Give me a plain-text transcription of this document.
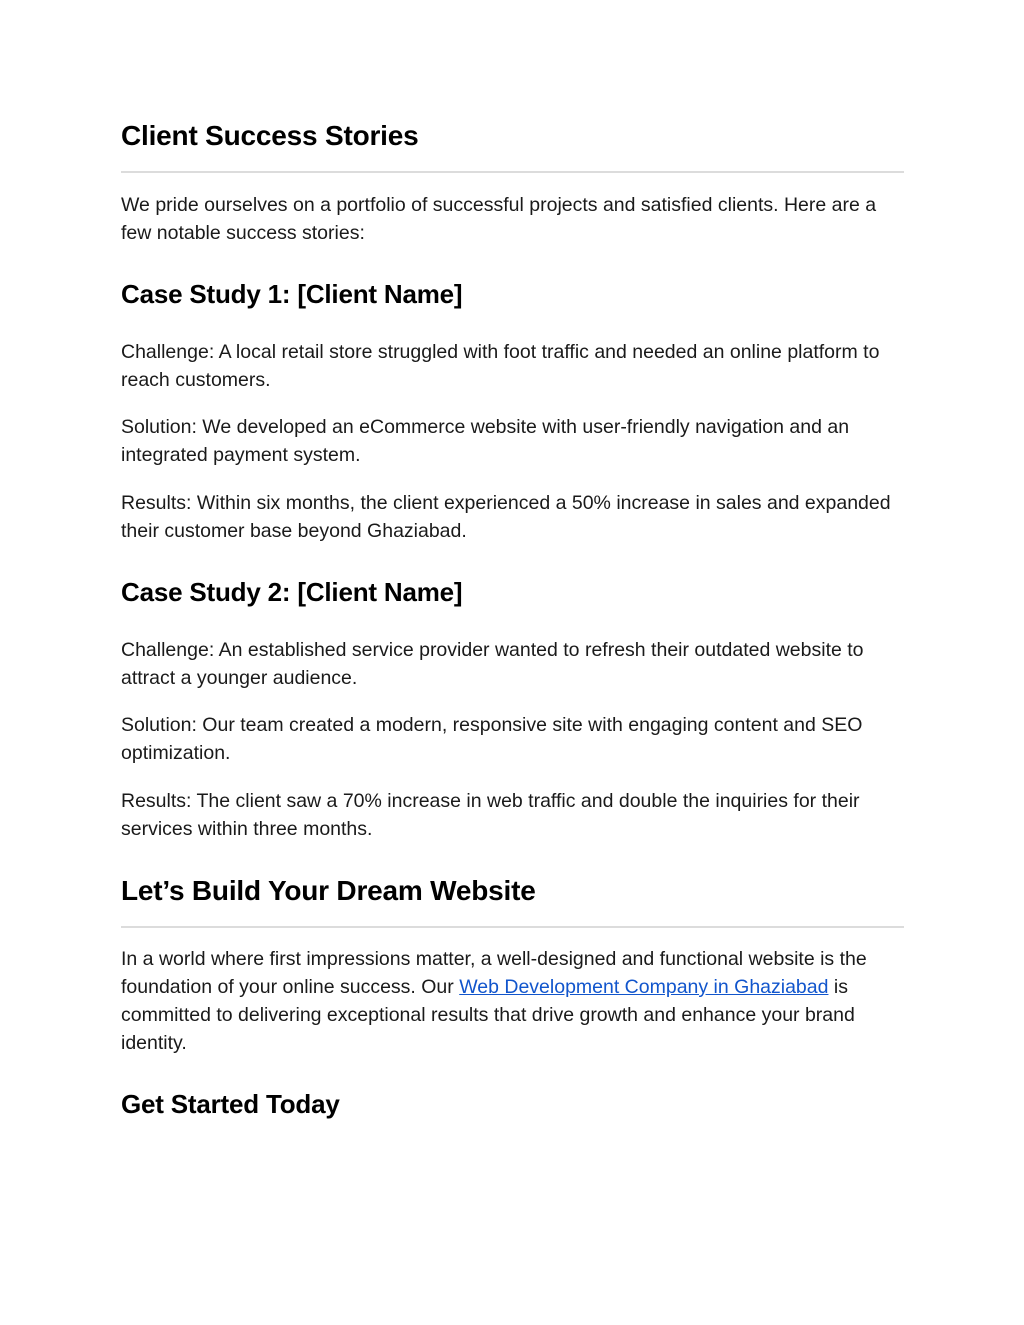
Client Success Stories

We pride ourselves on a portfolio of successful projects and satisfied clients. Here are a few notable success stories:

Case Study 1: [Client Name]

Challenge: A local retail store struggled with foot traffic and needed an online platform to reach customers.

Solution: We developed an eCommerce website with user-friendly navigation and an integrated payment system.

Results: Within six months, the client experienced a 50% increase in sales and expanded their customer base beyond Ghaziabad.

Case Study 2: [Client Name]

Challenge: An established service provider wanted to refresh their outdated website to attract a younger audience.

Solution: Our team created a modern, responsive site with engaging content and SEO optimization.

Results: The client saw a 70% increase in web traffic and double the inquiries for their services within three months.

Let’s Build Your Dream Website

In a world where first impressions matter, a well-designed and functional website is the foundation of your online success. Our Web Development Company in Ghaziabad is committed to delivering exceptional results that drive growth and enhance your brand identity.

Get Started Today
